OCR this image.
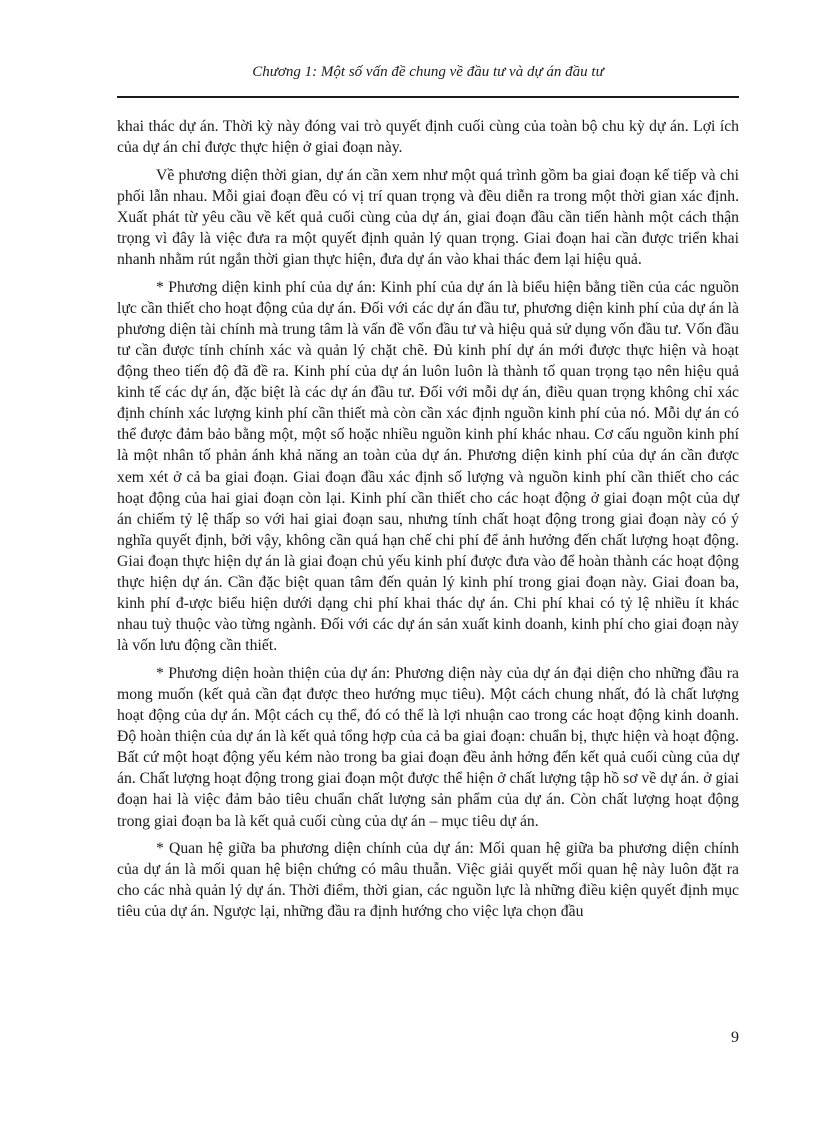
Chương 1: Một số vấn đề chung về đầu tư và dự án đầu tư

khai thác dự án. Thời kỳ này đóng vai trò quyết định cuối cùng của toàn bộ chu kỳ dự án. Lợi ích của dự án chỉ được thực hiện ở giai đoạn này.

Về phương diện thời gian, dự án cần xem như một quá trình gồm ba giai đoạn kế tiếp và chi phối lẫn nhau. Mỗi giai đoạn đều có vị trí quan trọng và đều diễn ra trong một thời gian xác định. Xuất phát từ yêu cầu về kết quả cuối cùng của dự án, giai đoạn đầu cần tiến hành một cách thận trọng vì đây là việc đưa ra một quyết định quản lý quan trọng. Giai đoạn hai cần được triển khai nhanh nhằm rút ngắn thời gian thực hiện, đưa dự án vào khai thác đem lại hiệu quả.

* Phương diện kinh phí của dự án: Kinh phí của dự án là biểu hiện bằng tiền của các nguồn lực cần thiết cho hoạt động của dự án. Đối với các dự án đầu tư, phương diện kinh phí của dự án là phương diện tài chính mà trung tâm là vấn đề vốn đầu tư và hiệu quả sử dụng vốn đầu tư. Vốn đầu tư cần được tính chính xác và quản lý chặt chẽ. Đủ kinh phí dự án mới được thực hiện và hoạt động theo tiến độ đã đề ra. Kinh phí của dự án luôn luôn là thành tố quan trọng tạo nên hiệu quả kinh tế các dự án, đặc biệt là các dự án đầu tư. Đối với mỗi dự án, điều quan trọng không chỉ xác định chính xác lượng kinh phí cần thiết mà còn cần xác định nguồn kinh phí của nó. Mỗi dự án có thể được đảm bảo bằng một, một số hoặc nhiều nguồn kinh phí khác nhau. Cơ cấu nguồn kinh phí là một nhân tố phản ánh khả năng an toàn của dự án. Phương diện kinh phí của dự án cần được xem xét ở cả ba giai đoạn. Giai đoạn đầu xác định số lượng và nguồn kinh phí cần thiết cho các hoạt động của hai giai đoạn còn lại. Kinh phí cần thiết cho các hoạt động ở giai đoạn một của dự án chiếm tỷ lệ thấp so với hai giai đoạn sau, nhưng tính chất hoạt động trong giai đoạn này có ý nghĩa quyết định, bởi vậy, không cần quá hạn chế chi phí để ảnh hưởng đến chất lượng hoạt động. Giai đoạn thực hiện dự án là giai đoạn chủ yếu kinh phí được đưa vào để hoàn thành các hoạt động thực hiện dự án. Cần đặc biệt quan tâm đến quản lý kinh phí trong giai đoạn này. Giai đoan ba, kinh phí đ-ược biểu hiện dưới dạng chi phí khai thác dự án. Chi phí khai có tỷ lệ nhiều ít khác nhau tuỳ thuộc vào từng ngành. Đối với các dự án sản xuất kinh doanh, kinh phí cho giai đoạn này là vốn lưu động cần thiết.

* Phương diện hoàn thiện của dự án: Phương diện này của dự án đại diện cho những đầu ra mong muốn (kết quả cần đạt được theo hướng mục tiêu). Một cách chung nhất, đó là chất lượng hoạt động của dự án. Một cách cụ thể, đó có thể là lợi nhuận cao trong các hoạt động kinh doanh. Độ hoàn thiện của dự án là kết quả tổng hợp của cả ba giai đoạn: chuẩn bị, thực hiện và hoạt động. Bất cứ một hoạt động yếu kém nào trong ba giai đoạn đều ảnh hởng đến kết quả cuối cùng của dự án. Chất lượng hoạt động trong giai đoạn một được thể hiện ở chất lượng tập hồ sơ về dự án. ở giai đoạn hai là việc đảm bảo tiêu chuẩn chất lượng sản phẩm của dự án. Còn chất lượng hoạt động trong giai đoạn ba là kết quả cuối cùng của dự án – mục tiêu dự án.

* Quan hệ giữa ba phương diện chính của dự án: Mối quan hệ giữa ba phương diện chính của dự án là mối quan hệ biện chứng có mâu thuẫn. Việc giải quyết mối quan hệ này luôn đặt ra cho các nhà quản lý dự án. Thời điểm, thời gian, các nguồn lực là những điều kiện quyết định mục tiêu của dự án. Ngược lại, những đầu ra định hướng cho việc lựa chọn đầu

9
